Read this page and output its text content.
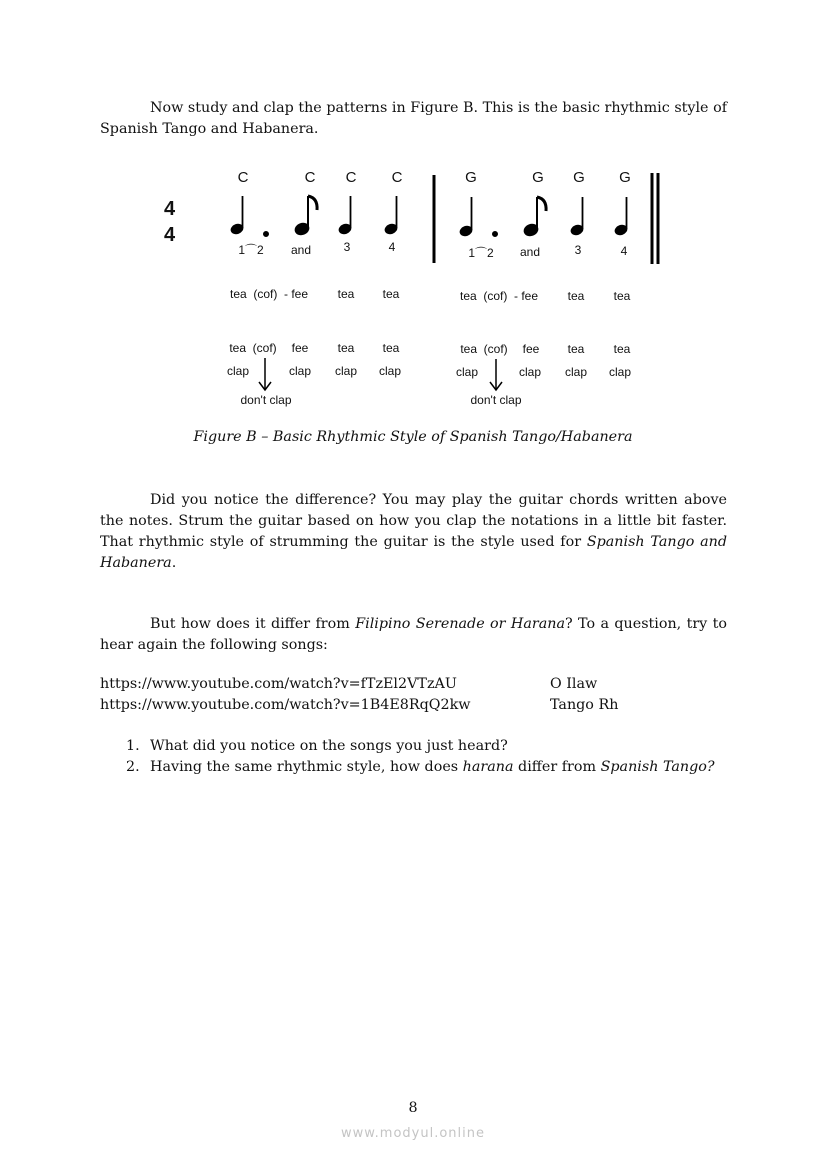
Now study and clap the patterns in Figure B. This is the basic rhythmic style of Spanish Tango and Habanera.
4
4
C	C C C	G	G G G
1⌒2 and	3	4	1⌒2 and	3	4
tea  (cof)  - fee tea tea	tea  (cof)  - fee tea tea
tea  (cof) fee tea tea	tea  (cof) fee tea tea
clap	clap clap clap	clap	clap clap clap
don't clap	don't clap
Figure B – Basic Rhythmic Style of Spanish Tango/Habanera
Did you notice the difference? You may play the guitar chords written above the notes. Strum the guitar based on how you clap the notations in a little bit faster. That rhythmic style of strumming the guitar is the style used for Spanish Tango and Habanera.
But how does it differ from Filipino Serenade or Harana? To a question, try to hear again the following songs:
https://www.youtube.com/watch?v=fTzEl2VTzAU	O Ilaw
https://www.youtube.com/watch?v=1B4E8RqQ2kw	Tango Rh
1. What did you notice on the songs you just heard?
2. Having the same rhythmic style, how does harana differ from Spanish Tango?
8
www.modyul.online
